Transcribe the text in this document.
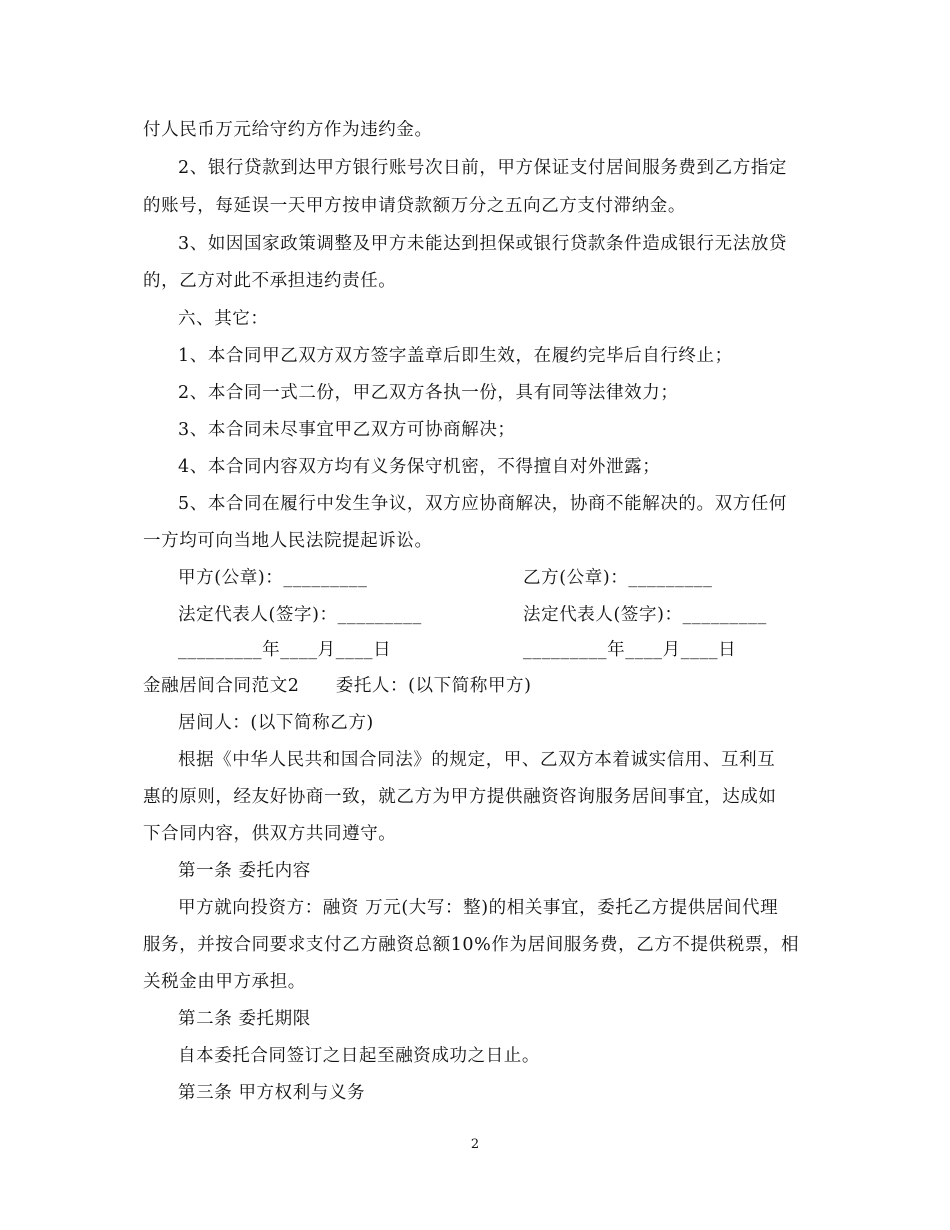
付人民币万元给守约方作为违约金。
2、银行贷款到达甲方银行账号次日前，甲方保证支付居间服务费到乙方指定
的账号，每延误一天甲方按申请贷款额万分之五向乙方支付滞纳金。
3、如因国家政策调整及甲方未能达到担保或银行贷款条件造成银行无法放贷
的，乙方对此不承担违约责任。
六、其它：
1、本合同甲乙双方双方签字盖章后即生效，在履约完毕后自行终止；
2、本合同一式二份，甲乙双方各执一份，具有同等法律效力；
3、本合同未尽事宜甲乙双方可协商解决；
4、本合同内容双方均有义务保守机密，不得擅自对外泄露；
5、本合同在履行中发生争议，双方应协商解决，协商不能解决的。双方任何
一方均可向当地人民法院提起诉讼。
甲方(公章)：_________	乙方(公章)：_________
法定代表人(签字)：_________	法定代表人(签字)：_________
_________年____月____日	_________年____月____日
金融居间合同范文2　　委托人：(以下简称甲方)
居间人：(以下简称乙方)
根据《中华人民共和国合同法》的规定，甲、乙双方本着诚实信用、互利互
惠的原则，经友好协商一致，就乙方为甲方提供融资咨询服务居间事宜，达成如
下合同内容，供双方共同遵守。
第一条 委托内容
甲方就向投资方：融资 万元(大写：整)的相关事宜，委托乙方提供居间代理
服务，并按合同要求支付乙方融资总额10%作为居间服务费，乙方不提供税票，相
关税金由甲方承担。
第二条 委托期限
自本委托合同签订之日起至融资成功之日止。
第三条 甲方权利与义务
2
